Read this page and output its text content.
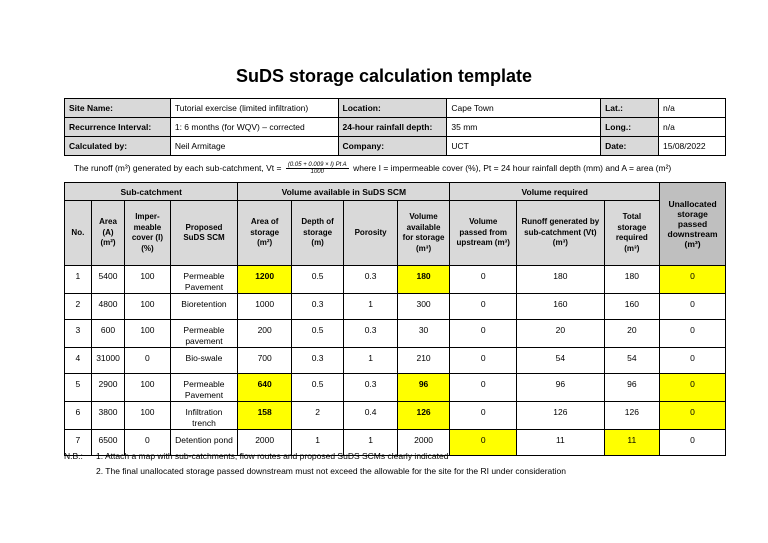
SuDS storage calculation template
Site Name:	Tutorial exercise (limited infiltration)	Location:	Cape Town	Lat.:	n/a
Recurrence Interval:	1: 6 months (for WQV) – corrected	24-hour rainfall depth:	35 mm	Long.:	n/a
Calculated by:	Neil Armitage	Company:	UCT	Date:	15/08/2022
The runoff (m³) generated by each sub-catchment, $Vt = \frac{\text{(0.05 + 0.009 × I) Pt A}}{1000}$ where I = impermeable cover (%), Pt = 24 hour rainfall depth (mm) and A = area (m²)
Sub-catchment				Volume available in SuDS SCM				Volume required			Unallocated storage passed downstream (m³)
No.	Area (A) (m²)	Imper-meable cover (I) (%)	Proposed SuDS SCM	Area of storage (m²)	Depth of storage (m)	Porosity	Volume available for storage (m³)	Volume passed from upstream (m³)	Runoff generated by sub-catchment (Vt) (m³)	Total storage required (m³)	
1	5400	100	Permeable Pavement	1200	0.5	0.3	180	0	180	180	0
2	4800	100	Bioretention	1000	0.3	1	300	0	160	160	0
3	600	100	Permeable pavement	200	0.5	0.3	30	0	20	20	0
4	31000	0	Bio-swale	700	0.3	1	210	0	54	54	0
5	2900	100	Permeable Pavement	640	0.5	0.3	96	0	96	96	0
6	3800	100	Infiltration trench	158	2	0.4	126	0	126	126	0
7	6500	0	Detention pond	2000	1	1	2000	0	11	11	0
N.B.:	1. Attach a map with sub-catchments, flow routes and proposed SuDS SCMs clearly indicated
2. The final unallocated storage passed downstream must not exceed the allowable for the site for the RI under consideration
